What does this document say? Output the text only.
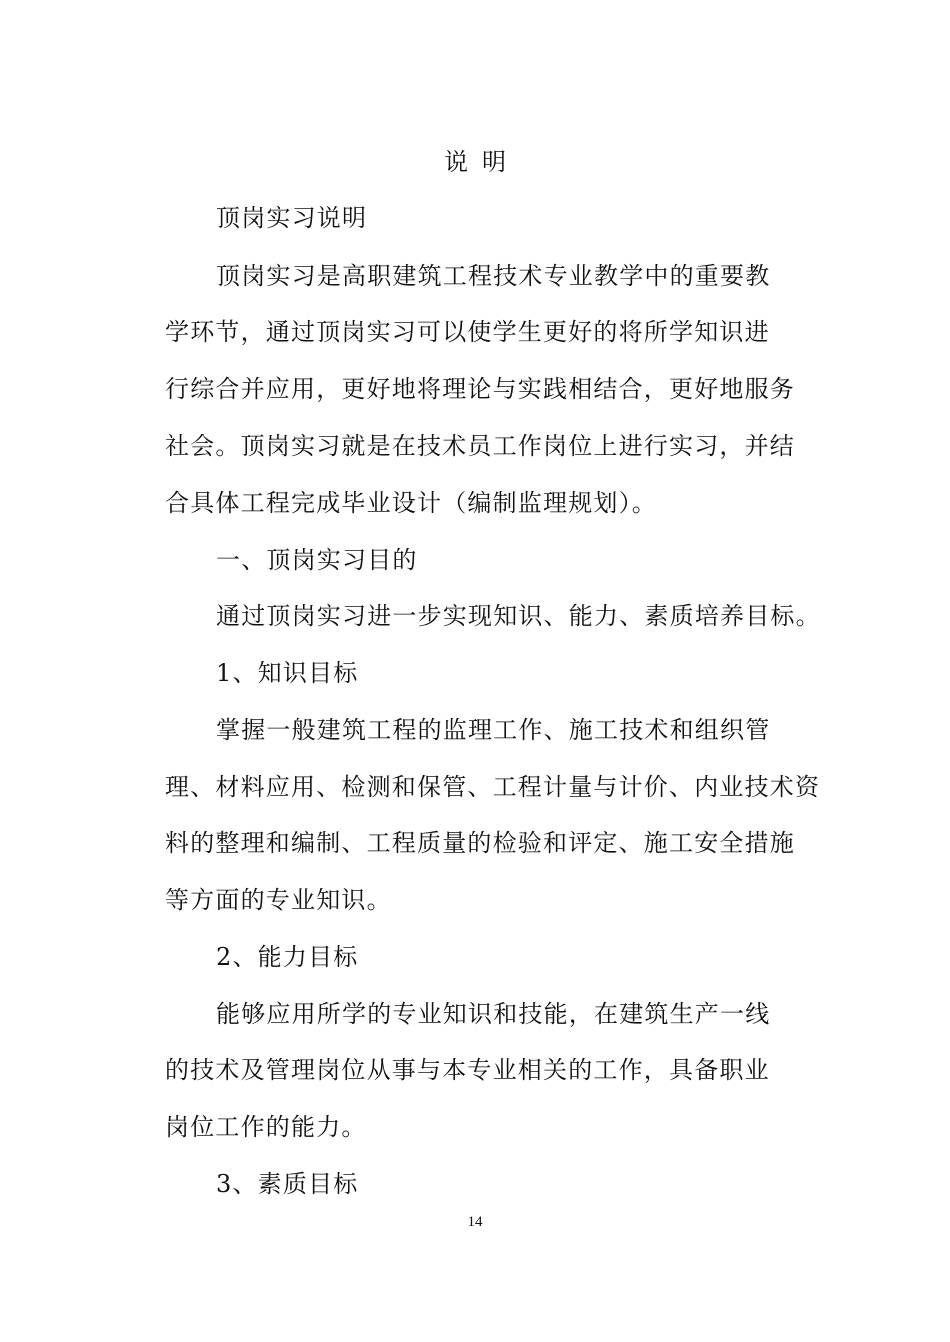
说明
顶岗实习说明
顶岗实习是高职建筑工程技术专业教学中的重要教
学环节，通过顶岗实习可以使学生更好的将所学知识进
行综合并应用，更好地将理论与实践相结合，更好地服务
社会。顶岗实习就是在技术员工作岗位上进行实习，并结
合具体工程完成毕业设计（编制监理规划）。
一、顶岗实习目的
通过顶岗实习进一步实现知识、能力、素质培养目标。
1、知识目标
掌握一般建筑工程的监理工作、施工技术和组织管
理、材料应用、检测和保管、工程计量与计价、内业技术资
料的整理和编制、工程质量的检验和评定、施工安全措施
等方面的专业知识。
2、能力目标
能够应用所学的专业知识和技能，在建筑生产一线
的技术及管理岗位从事与本专业相关的工作，具备职业
岗位工作的能力。
3、素质目标
14
